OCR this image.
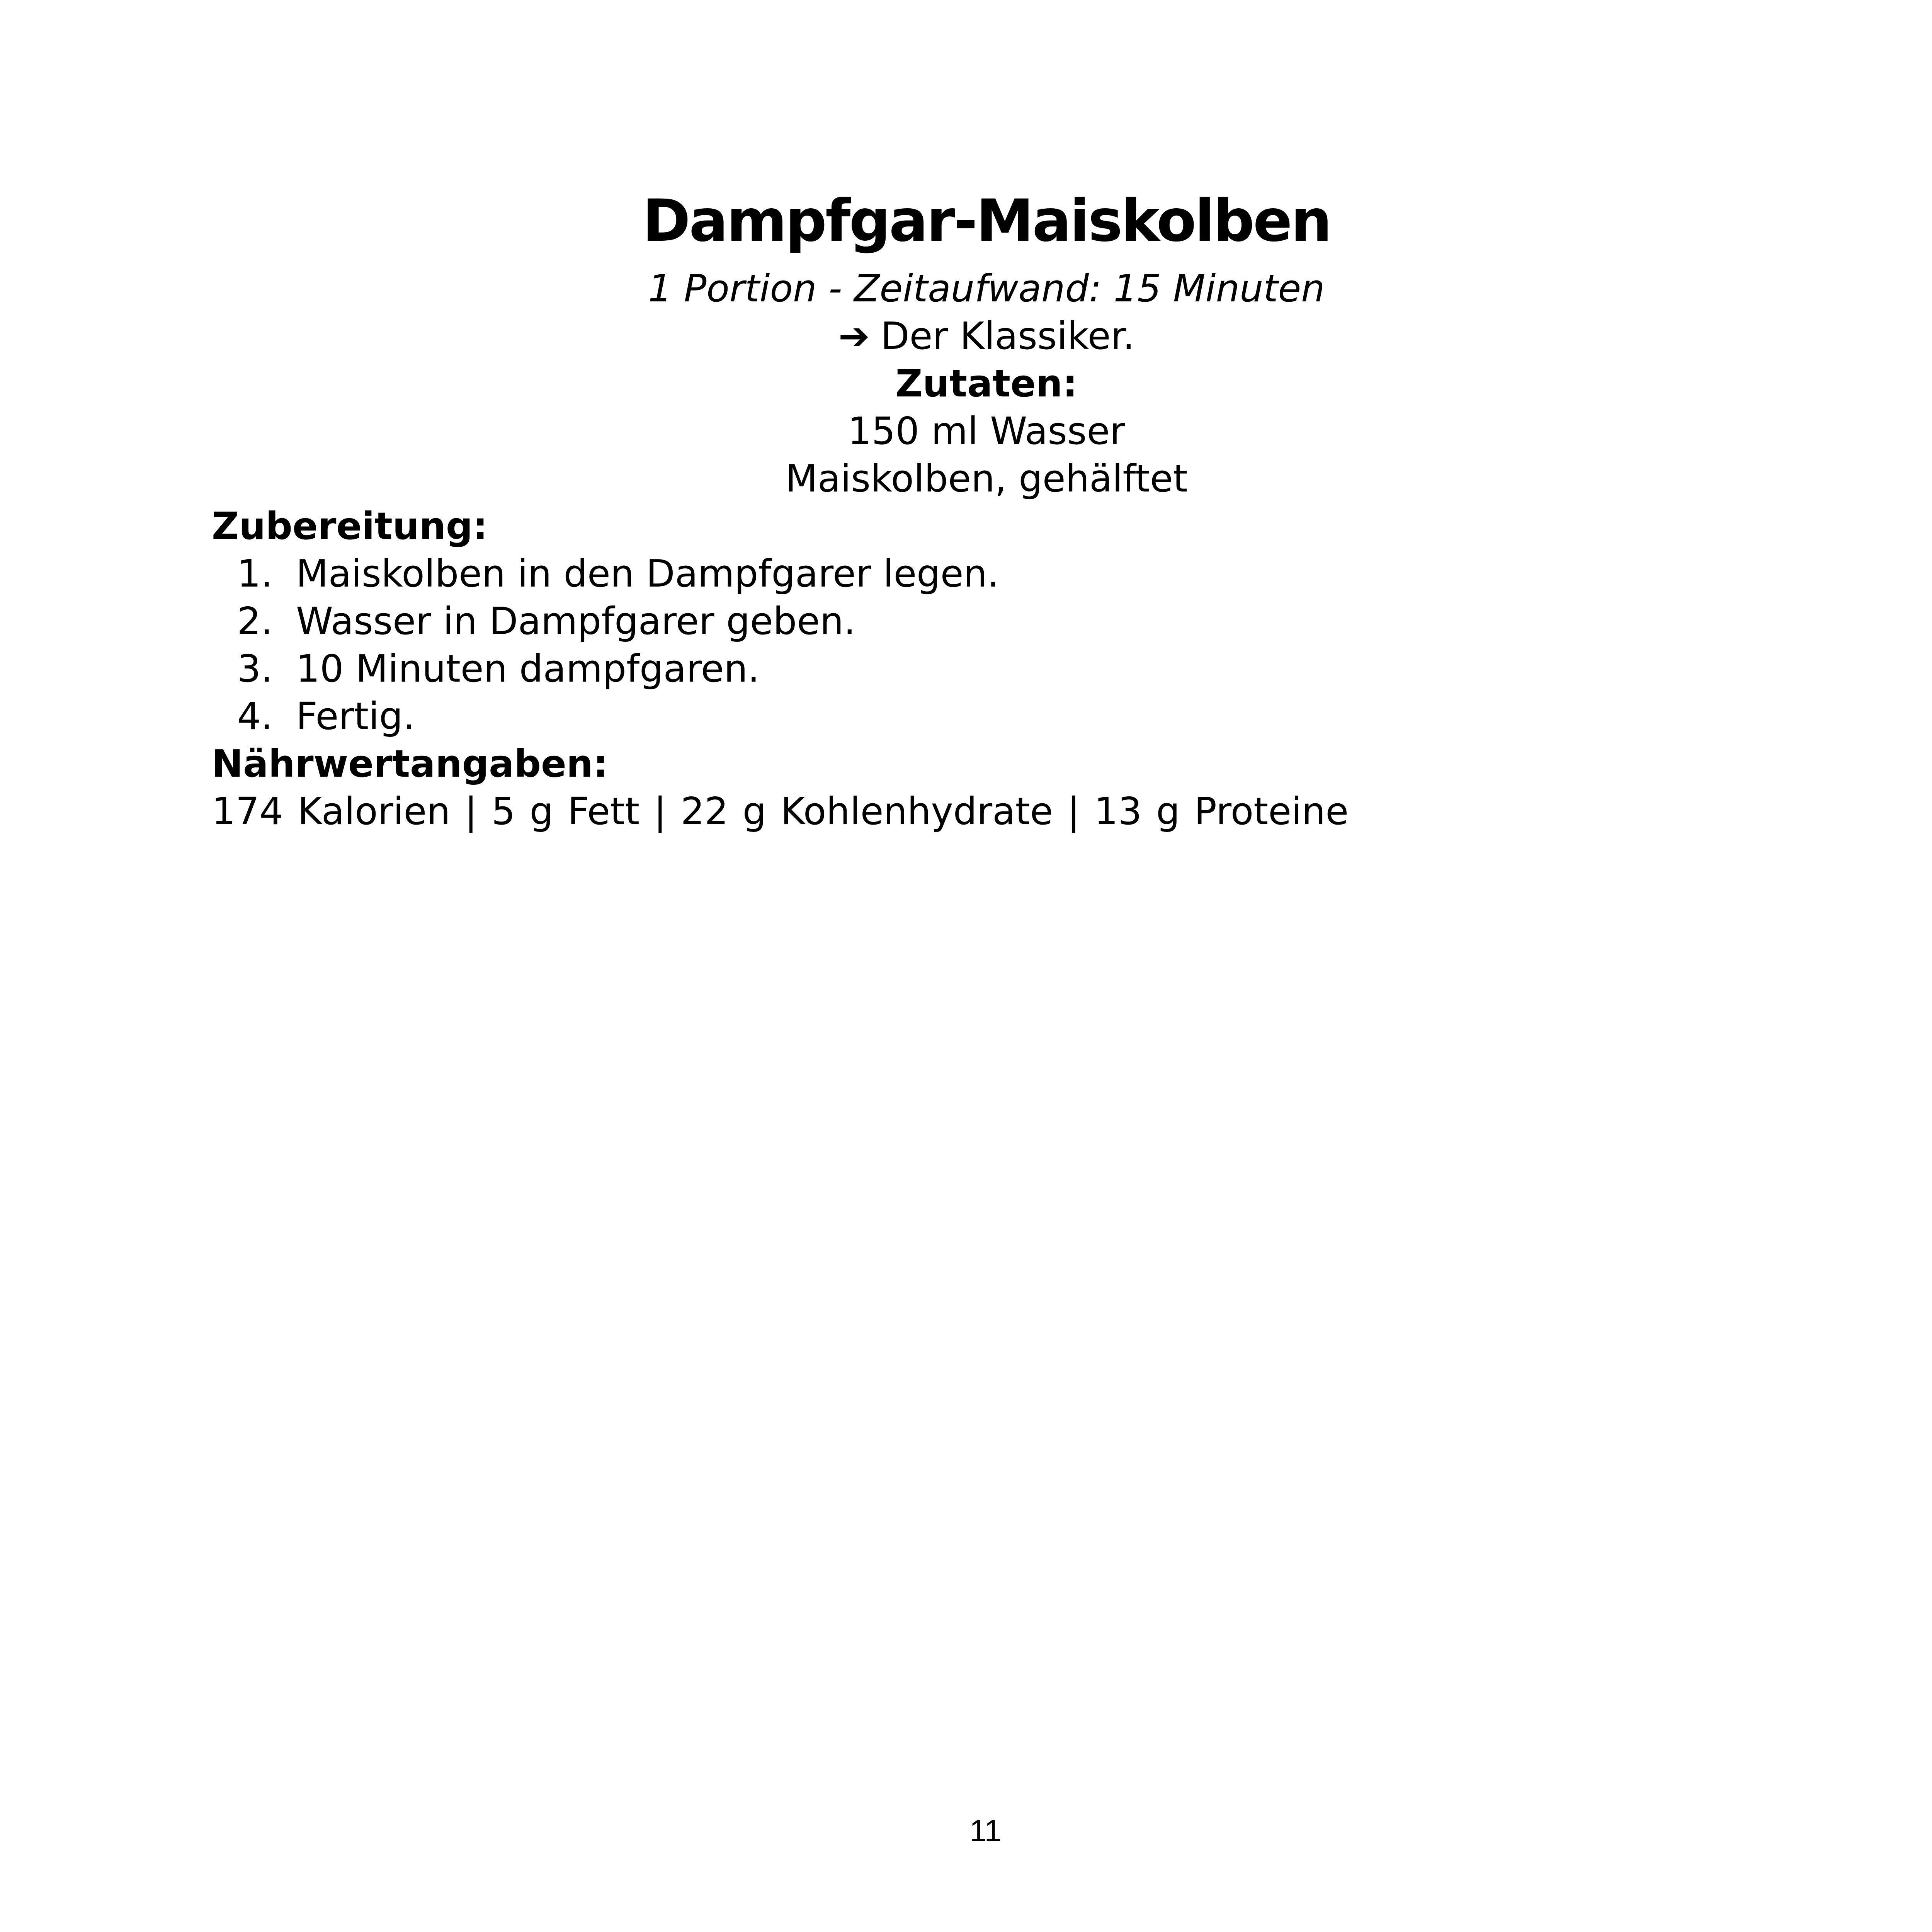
Dampfgar-Maiskolben
1 Portion - Zeitaufwand: 15 Minuten
➔ Der Klassiker.
Zutaten:
150 ml Wasser
Maiskolben, gehälftet
Zubereitung:
1. Maiskolben in den Dampfgarer legen.
2. Wasser in Dampfgarer geben.
3. 10 Minuten dampfgaren.
4. Fertig.
Nährwertangaben:
174 Kalorien | 5 g Fett | 22 g Kohlenhydrate | 13 g Proteine
11
